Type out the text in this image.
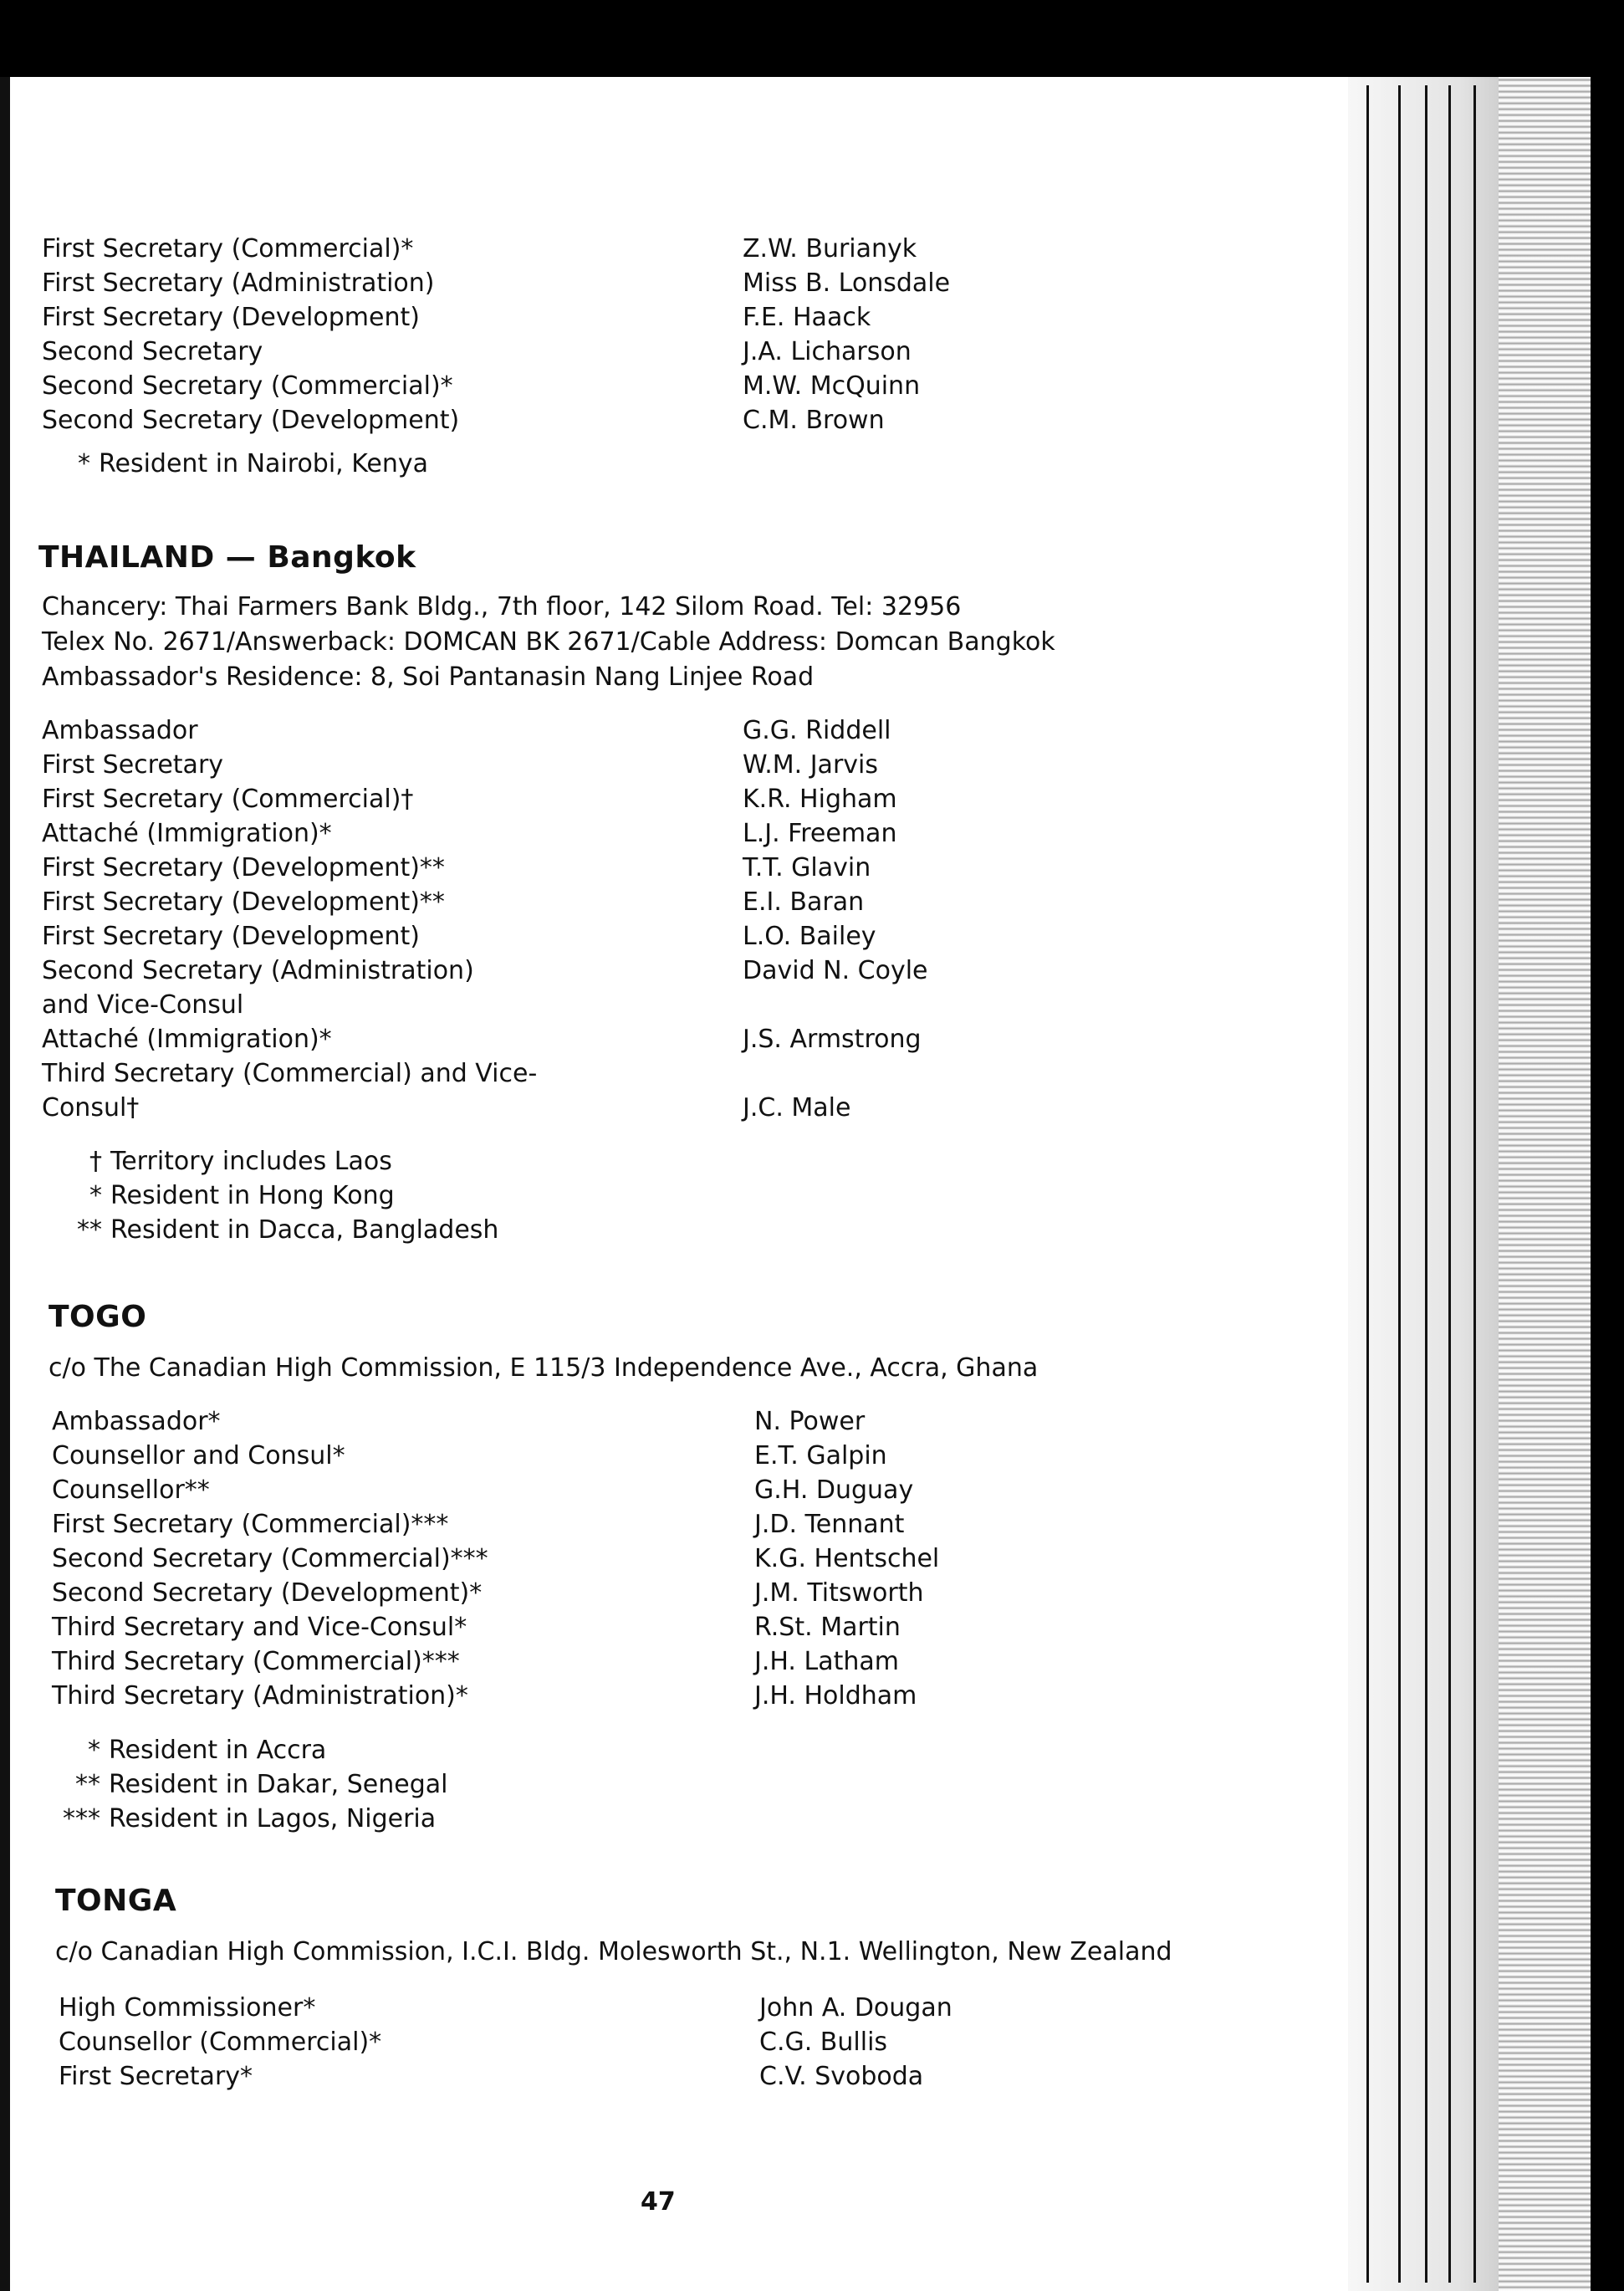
First Secretary (Commercial)*	Z.W. Burianyk
First Secretary (Administration)	Miss B. Lonsdale
First Secretary (Development)	F.E. Haack
Second Secretary	J.A. Licharson
Second Secretary (Commercial)*	M.W. McQuinn
Second Secretary (Development)	C.M. Brown
* Resident in Nairobi, Kenya
THAILAND — Bangkok
Chancery: Thai Farmers Bank Bldg., 7th floor, 142 Silom Road. Tel: 32956
Telex No. 2671/Answerback: DOMCAN BK 2671/Cable Address: Domcan Bangkok
Ambassador's Residence: 8, Soi Pantanasin Nang Linjee Road
Ambassador	G.G. Riddell
First Secretary	W.M. Jarvis
First Secretary (Commercial)†	K.R. Higham
Attaché (Immigration)*	L.J. Freeman
First Secretary (Development)**	T.T. Glavin
First Secretary (Development)**	E.I. Baran
First Secretary (Development)	L.O. Bailey
Second Secretary (Administration)	David N. Coyle
and Vice-Consul
Attaché (Immigration)*	J.S. Armstrong
Third Secretary (Commercial) and Vice-
Consul†	J.C. Male
† Territory includes Laos
* Resident in Hong Kong
** Resident in Dacca, Bangladesh
TOGO
c/o The Canadian High Commission, E 115/3 Independence Ave., Accra, Ghana
Ambassador*	N. Power
Counsellor and Consul*	E.T. Galpin
Counsellor**	G.H. Duguay
First Secretary (Commercial)***	J.D. Tennant
Second Secretary (Commercial)***	K.G. Hentschel
Second Secretary (Development)*	J.M. Titsworth
Third Secretary and Vice-Consul*	R.St. Martin
Third Secretary (Commercial)***	J.H. Latham
Third Secretary (Administration)*	J.H. Holdham
* Resident in Accra
** Resident in Dakar, Senegal
*** Resident in Lagos, Nigeria
TONGA
c/o Canadian High Commission, I.C.I. Bldg. Molesworth St., N.1. Wellington, New Zealand
High Commissioner*	John A. Dougan
Counsellor (Commercial)*	C.G. Bullis
First Secretary*	C.V. Svoboda
47
